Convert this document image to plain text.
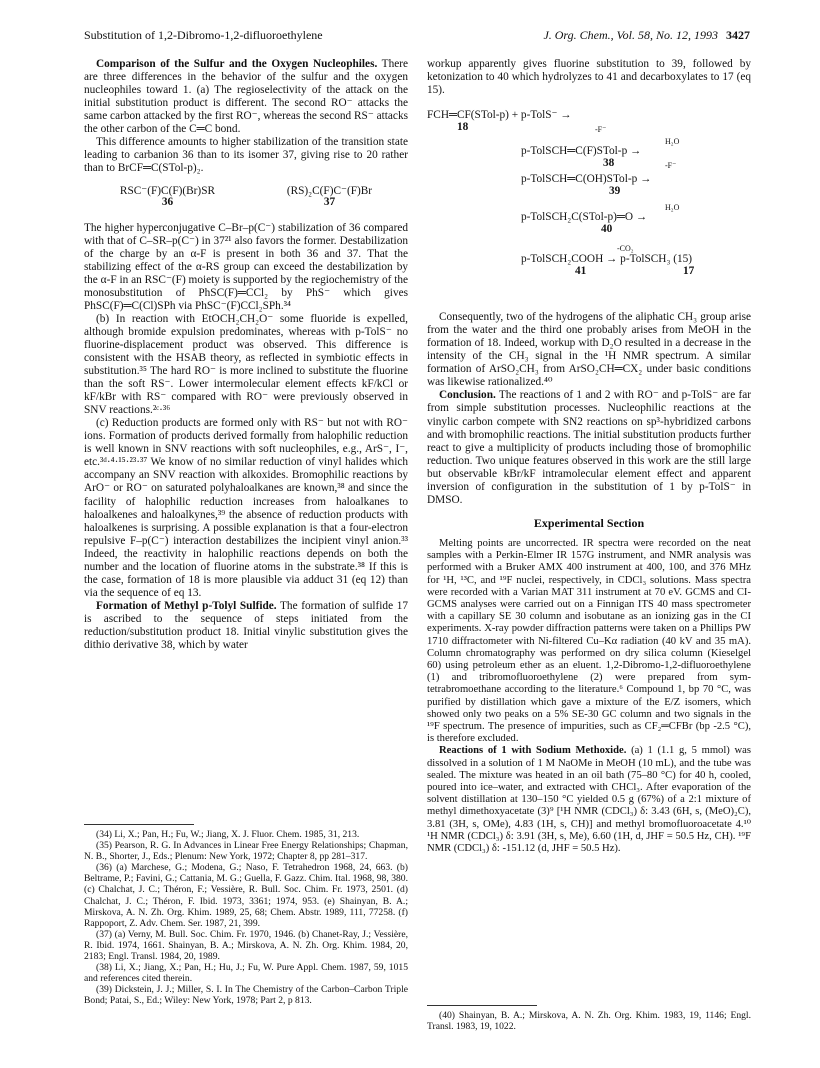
Substitution of 1,2-Dibromo-1,2-difluoroethylene	J. Org. Chem., Vol. 58, No. 12, 1993 3427

Comparison of the Sulfur and the Oxygen Nucleophiles. There are three differences in the behavior of the sulfur and the oxygen nucleophiles toward 1. (a) The regioselectivity of the attack on the initial substitution product is different. The second RO⁻ attacks the same carbon attacked by the first RO⁻, whereas the second RS⁻ attacks the other carbon of the C═C bond.

This difference amounts to higher stabilization of the transition state leading to carbanion 36 than to its isomer 37, giving rise to 20 rather than to BrCF═C(STol-p)₂.

RSC⁻(F)C(F)(Br)SR
36
(RS)₂C(F)C⁻(F)Br
37

The higher hyperconjugative C–Br–p(C⁻) stabilization of 36 compared with that of C–SR–p(C⁻) in 37²¹ also favors the former. Destabilization of the charge by an α-F is present in both 36 and 37. That the stabilizing effect of the α-RS group can exceed the destabilization by the α-F in an RSC⁻(F) moiety is supported by the regiochemistry of the monosubstitution of PhSC(F)═CCl₂ by PhS⁻ which gives PhSC(F)═C(Cl)SPh via PhSC⁻(F)CCl₂SPh.³⁴

(b) In reaction with EtOCH₂CH₂O⁻ some fluoride is expelled, although bromide expulsion predominates, whereas with p-TolS⁻ no fluorine-displacement product was observed. This difference is consistent with the HSAB theory, as reflected in symbiotic effects in substitution.³⁵ The hard RO⁻ is more inclined to substitute the fluorine than the soft RS⁻. Lower intermolecular element effects kF/kCl or kF/kBr with RS⁻ compared with RO⁻ were previously observed in SNV reactions.²ᶜ·³⁶

(c) Reduction products are formed only with RS⁻ but not with RO⁻ ions. Formation of products derived formally from halophilic reduction is well known in SNV reactions with soft nucleophiles, e.g., ArS⁻, I⁻, etc.³ᵈ·⁴·¹⁵·²³·³⁷ We know of no similar reduction of vinyl halides which accompany an SNV reaction with alkoxides. Bromophilic reactions by ArO⁻ or RO⁻ on saturated polyhaloalkanes are known,³⁸ and since the facility of halophilic reduction increases from haloalkanes to haloalkenes and haloalkynes,³⁹ the absence of reduction products with haloalkenes is surprising. A possible explanation is that a four-electron repulsive F–p(C⁻) interaction destabilizes the incipient vinyl anion.³³ Indeed, the reactivity in halophilic reactions depends on both the number and the location of fluorine atoms in the substrate.³⁸ If this is the case, formation of 18 is more plausible via adduct 31 (eq 12) than via the sequence of eq 13.

Formation of Methyl p-Tolyl Sulfide. The formation of sulfide 17 is ascribed to the sequence of steps initiated from the reduction/substitution product 18. Initial vinylic substitution gives the dithio derivative 38, which by water

(34) Li, X.; Pan, H.; Fu, W.; Jiang, X. J. Fluor. Chem. 1985, 31, 213.

(35) Pearson, R. G. In Advances in Linear Free Energy Relationships; Chapman, N. B., Shorter, J., Eds.; Plenum: New York, 1972; Chapter 8, pp 281–317.

(36) (a) Marchese, G.; Modena, G.; Naso, F. Tetrahedron 1968, 24, 663. (b) Beltrame, P.; Favini, G.; Cattania, M. G.; Guella, F. Gazz. Chim. Ital. 1968, 98, 380. (c) Chalchat, J. C.; Théron, F.; Vessière, R. Bull. Soc. Chim. Fr. 1973, 2501. (d) Chalchat, J. C.; Théron, F. Ibid. 1973, 3361; 1974, 953. (e) Shainyan, B. A.; Mirskova, A. N. Zh. Org. Khim. 1989, 25, 68; Chem. Abstr. 1989, 111, 77258. (f) Rappoport, Z. Adv. Chem. Ser. 1987, 21, 399.

(37) (a) Verny, M. Bull. Soc. Chim. Fr. 1970, 1946. (b) Chanet-Ray, J.; Vessière, R. Ibid. 1974, 1661. Shainyan, B. A.; Mirskova, A. N. Zh. Org. Khim. 1984, 20, 2183; Engl. Transl. 1984, 20, 1989.

(38) Li, X.; Jiang, X.; Pan, H.; Hu, J.; Fu, W. Pure Appl. Chem. 1987, 59, 1015 and references cited therein.

(39) Dickstein, J. J.; Miller, S. I. In The Chemistry of the Carbon–Carbon Triple Bond; Patai, S., Ed.; Wiley: New York, 1978; Part 2, p 813.

workup apparently gives fluorine substitution to 39, followed by ketonization to 40 which hydrolyzes to 41 and decarboxylates to 17 (eq 15).

FCH═CF(STol-p) + p-TolS⁻ →
18	-F⁻
H₂O
p-TolSCH═C(F)STol-p →
38	-F⁻
p-TolSCH═C(OH)STol-p →
39
H₂O
p-TolSCH₂C(STol-p)═O →
40
-CO₂
p-TolSCH₂COOH → p-TolSCH₃ (15)
41	17

Consequently, two of the hydrogens of the aliphatic CH₃ group arise from the water and the third one probably arises from MeOH in the formation of 18. Indeed, workup with D₂O resulted in a decrease in the intensity of the CH₃ signal in the ¹H NMR spectrum. A similar formation of ArSO₂CH₃ from ArSO₂CH═CX₂ under basic conditions was likewise rationalized.⁴⁰

Conclusion. The reactions of 1 and 2 with RO⁻ and p-TolS⁻ are far from simple substitution processes. Nucleophilic reactions at the vinylic carbon compete with SN2 reactions on sp³-hybridized carbons and with bromophilic reactions. The initial substitution products further react to give a multiplicity of products including those of bromophilic reduction. Two unique features observed in this work are the still large but observable kBr/kF intramolecular element effect and apparent inversion of configuration in the substitution of 1 by p-TolS⁻ in DMSO.

Experimental Section

Melting points are uncorrected. IR spectra were recorded on the neat samples with a Perkin-Elmer IR 157G instrument, and NMR analysis was performed with a Bruker AMX 400 instrument at 400, 100, and 376 MHz for ¹H, ¹³C, and ¹⁹F nuclei, respectively, in CDCl₃ solutions. Mass spectra were recorded with a Varian MAT 311 instrument at 70 eV. GCMS and CI-GCMS analyses were carried out on a Finnigan ITS 40 mass spectrometer with a capillary SE 30 column and isobutane as an ionizing gas in the CI experiments. X-ray powder diffraction patterns were taken on a Phillips PW 1710 diffractometer with Ni-filtered Cu–Kα radiation (40 kV and 35 mA). Column chromatography was performed on dry silica column (Kieselgel 60) using petroleum ether as an eluent. 1,2-Dibromo-1,2-difluoroethylene (1) and tribromofluoroethylene (2) were prepared from sym-tetrabromoethane according to the literature.⁶ Compound 1, bp 70 °C, was purified by distillation which gave a mixture of the E/Z isomers, which showed only two peaks on a 5% SE-30 GC column and two signals in the ¹⁹F spectrum. The presence of impurities, such as CF₂═CFBr (bp -2.5 °C), is therefore excluded.

Reactions of 1 with Sodium Methoxide. (a) 1 (1.1 g, 5 mmol) was dissolved in a solution of 1 M NaOMe in MeOH (10 mL), and the tube was sealed. The mixture was heated in an oil bath (75–80 °C) for 40 h, cooled, poured into ice–water, and extracted with CHCl₃. After evaporation of the solvent distillation at 130–150 °C yielded 0.5 g (67%) of a 2:1 mixture of methyl dimethoxyacetate (3)⁹ [¹H NMR (CDCl₃) δ: 3.43 (6H, s, (MeO)₂C), 3.81 (3H, s, OMe), 4.83 (1H, s, CH)] and methyl bromofluoroacetate 4.¹⁰ ¹H NMR (CDCl₃) δ: 3.91 (3H, s, Me), 6.60 (1H, d, JHF = 50.5 Hz, CH). ¹⁹F NMR (CDCl₃) δ: -151.12 (d, JHF = 50.5 Hz).

(40) Shainyan, B. A.; Mirskova, A. N. Zh. Org. Khim. 1983, 19, 1146; Engl. Transl. 1983, 19, 1022.
